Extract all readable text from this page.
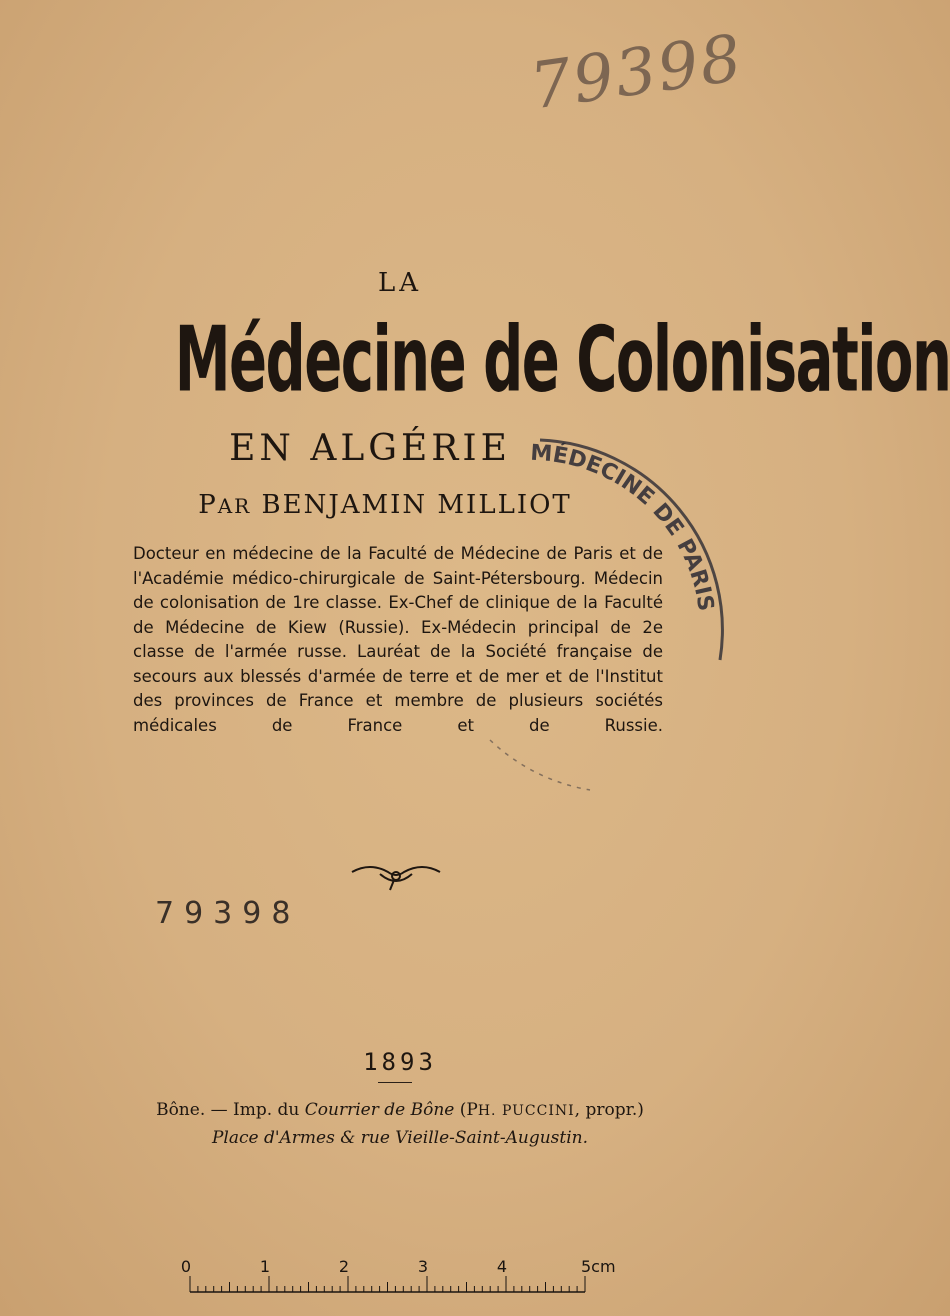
79398
LA
Médecine de Colonisation
EN ALGÉRIE
PAR BENJAMIN MILLIOT

Docteur en médecine de la Faculté de Médecine de Paris et de l'Académie médico-chirurgicale de Saint-Pétersbourg. Médecin de colonisation de 1re classe. Ex-Chef de clinique de la Faculté de Médecine de Kiew (Russie). Ex-Médecin principal de 2e classe de l'armée russe. Lauréat de la Société française de secours aux blessés d'armée de terre et de mer et de l'Institut des provinces de France et membre de plusieurs sociétés médicales de France et de Russie.

MÉDECINE DE PARIS
79398
1893
Bône. — Imp. du Courrier de Bône (PH. PUCCINI, propr.)
Place d'Armes & rue Vieille-Saint-Augustin.
0	1	2	3	4	5cm
